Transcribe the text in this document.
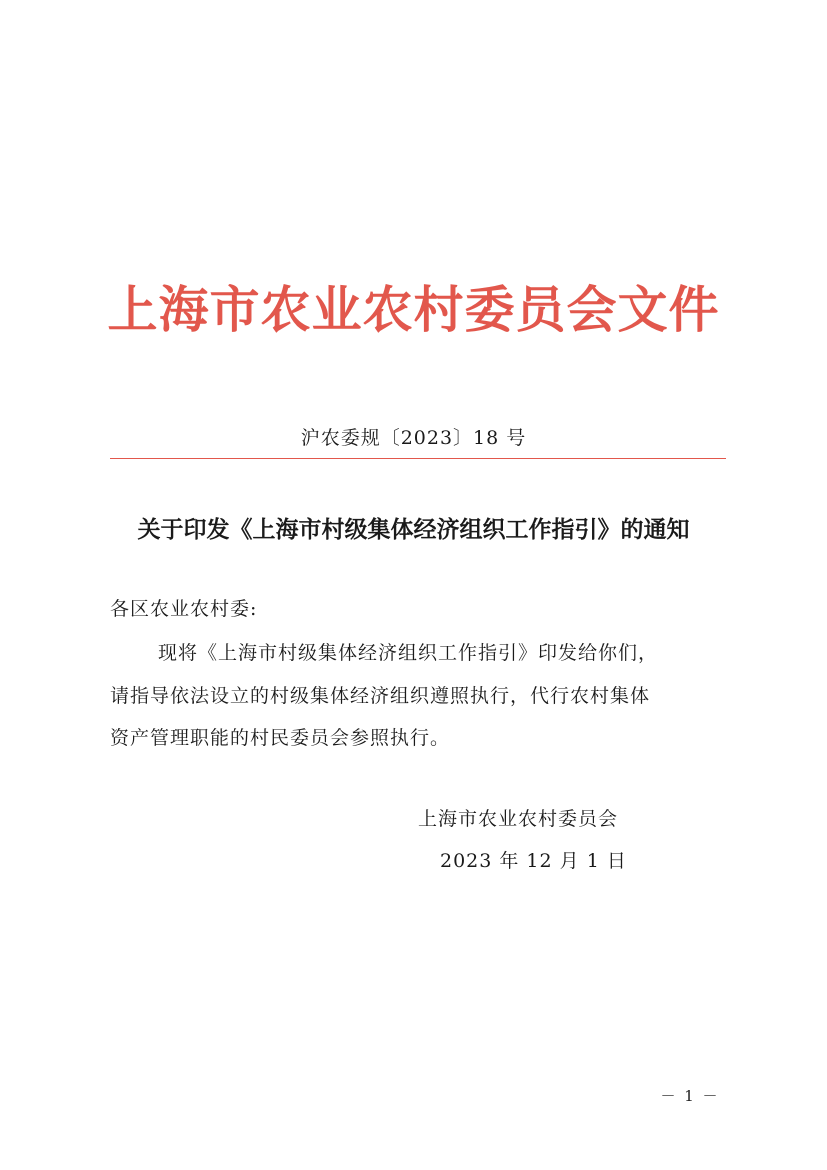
上海市农业农村委员会文件
沪农委规〔2023〕18 号
关于印发《上海市村级集体经济组织工作指引》的通知
各区农业农村委:
现将《上海市村级集体经济组织工作指引》印发给你们，
请指导依法设立的村级集体经济组织遵照执行，代行农村集体
资产管理职能的村民委员会参照执行。
上海市农业农村委员会
2023 年 12 月 1 日
－ 1 －
